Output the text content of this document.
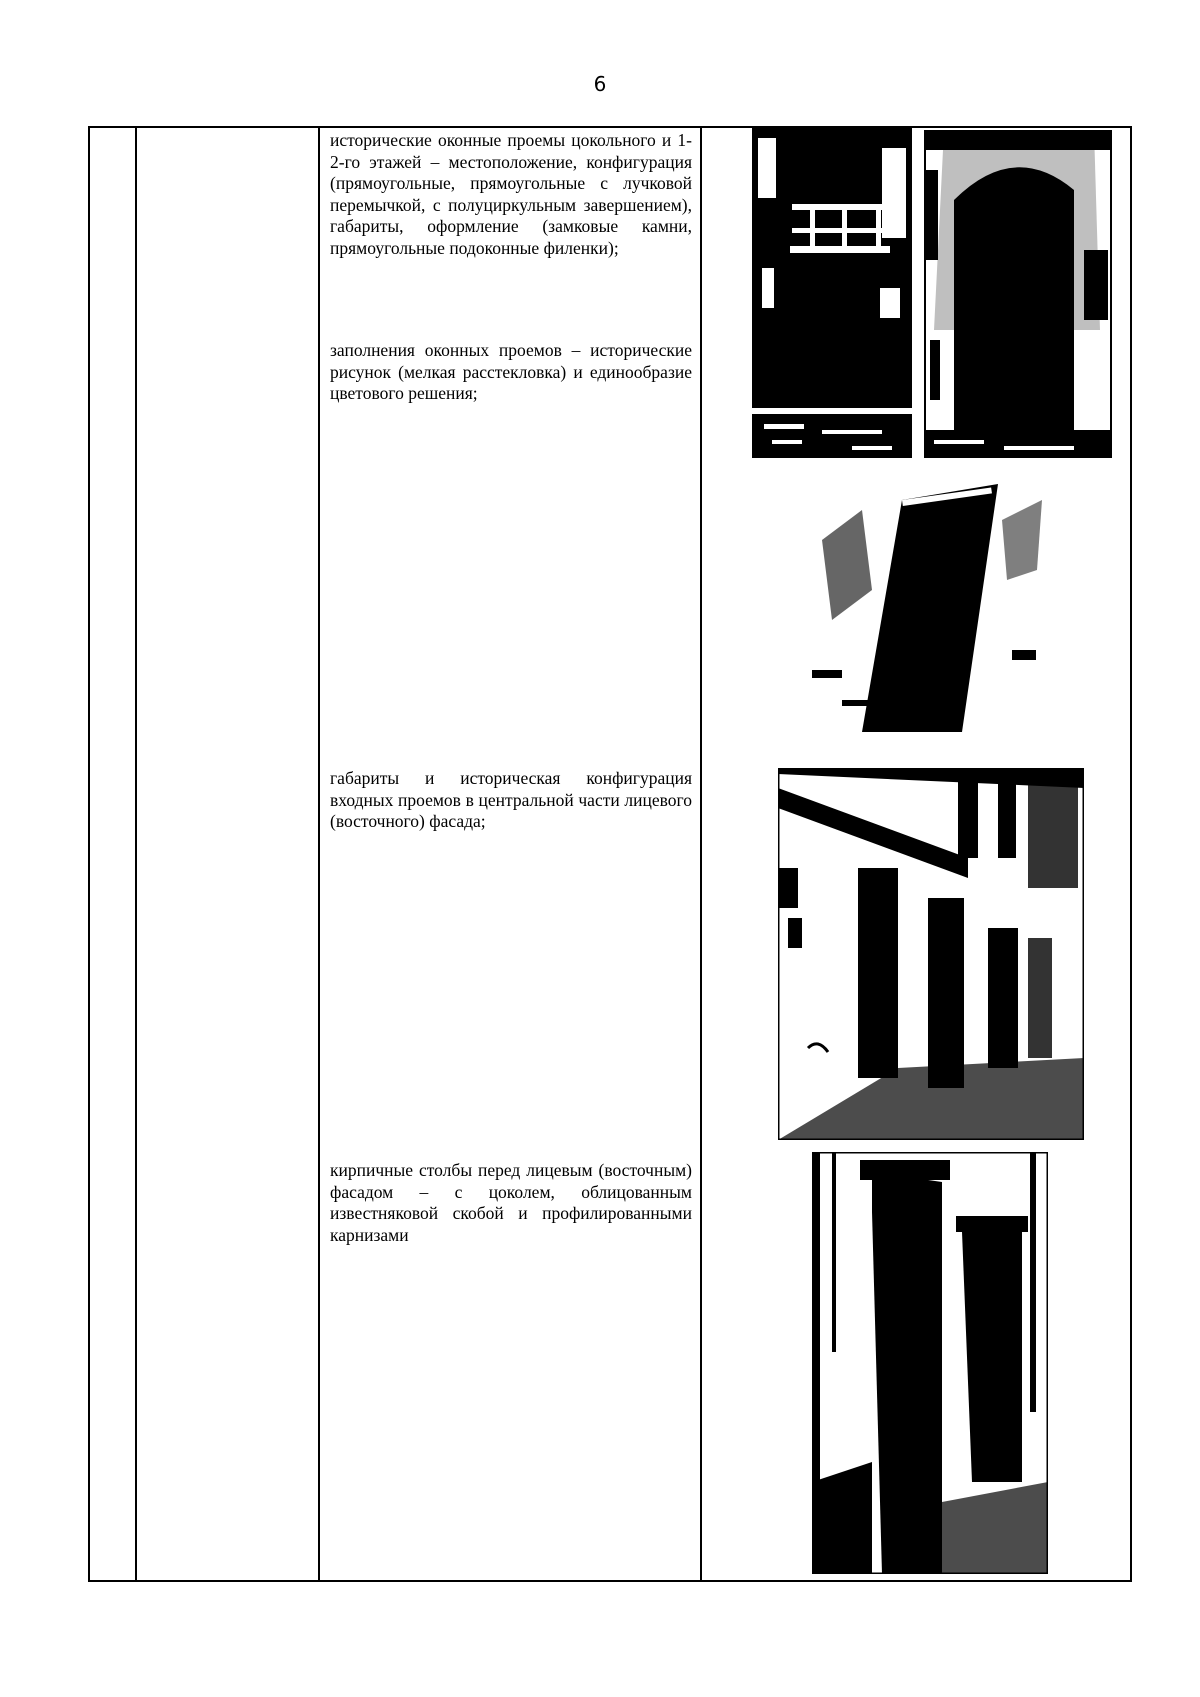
6
исторические оконные проемы цокольного и 1-2-го этажей – местоположение, конфигурация (прямоугольные, прямоугольные с лучковой перемычкой, с полуциркульным завершением), габариты, оформление (замковые камни, прямоугольные подоконные филенки);
заполнения оконных проемов – исторические рисунок (мелкая расстекловка) и единообразие цветового решения;
габариты и историческая конфигурация входных проемов в центральной части лицевого (восточного) фасада;
кирпичные столбы перед лицевым (восточным) фасадом – с цоколем, облицованным известняковой скобой и профилированными карнизами
